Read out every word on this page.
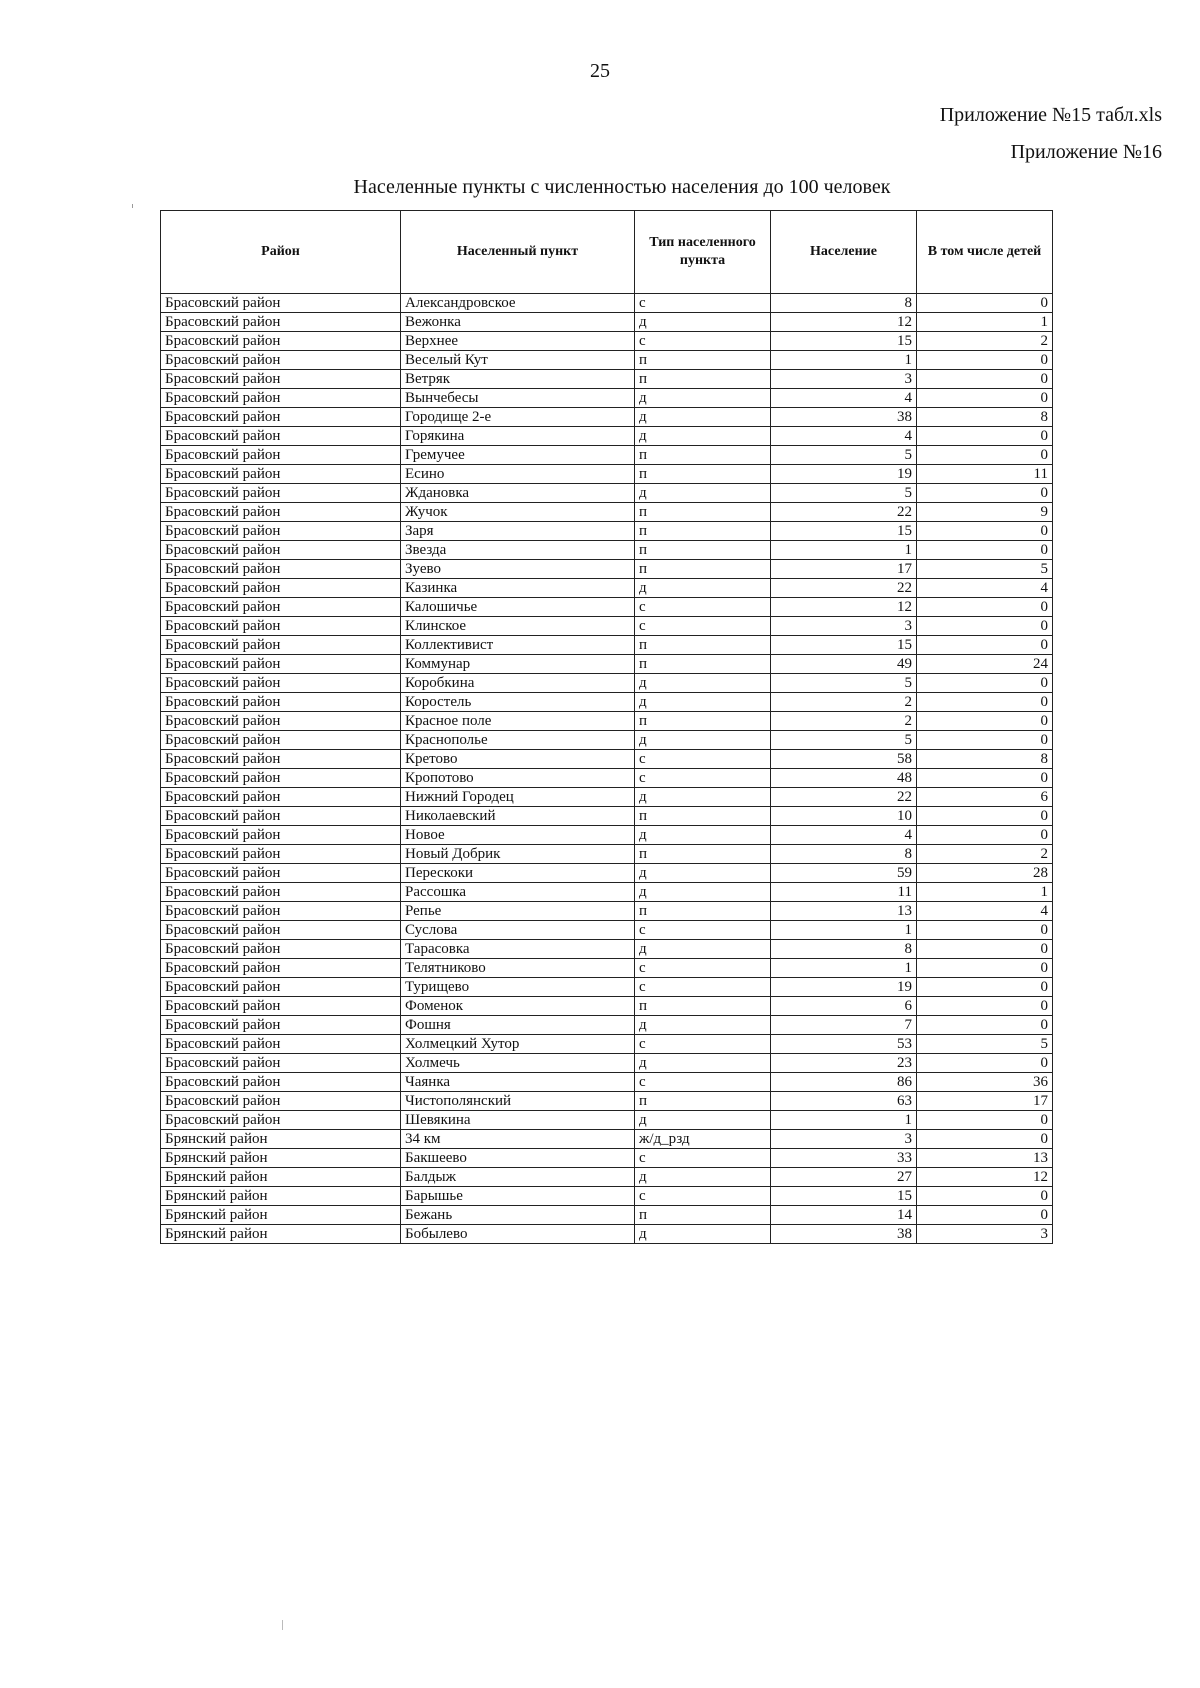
25
Приложение №15 табл.xls
Приложение №16
Населенные пункты с численностью населения до 100 человек
Район	Населенный пункт	Тип населенного пункта	Население	В том числе детей
Брасовский район	Александровское	с	8	0
Брасовский район	Вежонка	д	12	1
Брасовский район	Верхнее	с	15	2
Брасовский район	Веселый Кут	п	1	0
Брасовский район	Ветряк	п	3	0
Брасовский район	Вынчебесы	д	4	0
Брасовский район	Городище 2-е	д	38	8
Брасовский район	Горякина	д	4	0
Брасовский район	Гремучее	п	5	0
Брасовский район	Есино	п	19	11
Брасовский район	Ждановка	д	5	0
Брасовский район	Жучок	п	22	9
Брасовский район	Заря	п	15	0
Брасовский район	Звезда	п	1	0
Брасовский район	Зуево	п	17	5
Брасовский район	Казинка	д	22	4
Брасовский район	Калошичье	с	12	0
Брасовский район	Клинское	с	3	0
Брасовский район	Коллективист	п	15	0
Брасовский район	Коммунар	п	49	24
Брасовский район	Коробкина	д	5	0
Брасовский район	Коростель	д	2	0
Брасовский район	Красное поле	п	2	0
Брасовский район	Краснополье	д	5	0
Брасовский район	Кретово	с	58	8
Брасовский район	Кропотово	с	48	0
Брасовский район	Нижний Городец	д	22	6
Брасовский район	Николаевский	п	10	0
Брасовский район	Новое	д	4	0
Брасовский район	Новый Добрик	п	8	2
Брасовский район	Перескоки	д	59	28
Брасовский район	Рассошка	д	11	1
Брасовский район	Репье	п	13	4
Брасовский район	Суслова	с	1	0
Брасовский район	Тарасовка	д	8	0
Брасовский район	Телятниково	с	1	0
Брасовский район	Турищево	с	19	0
Брасовский район	Фоменок	п	6	0
Брасовский район	Фошня	д	7	0
Брасовский район	Холмецкий Хутор	с	53	5
Брасовский район	Холмечь	д	23	0
Брасовский район	Чаянка	с	86	36
Брасовский район	Чистополянский	п	63	17
Брасовский район	Шевякина	д	1	0
Брянский район	34 км	ж/д_рзд	3	0
Брянский район	Бакшеево	с	33	13
Брянский район	Балдыж	д	27	12
Брянский район	Барышье	с	15	0
Брянский район	Бежань	п	14	0
Брянский район	Бобылево	д	38	3
